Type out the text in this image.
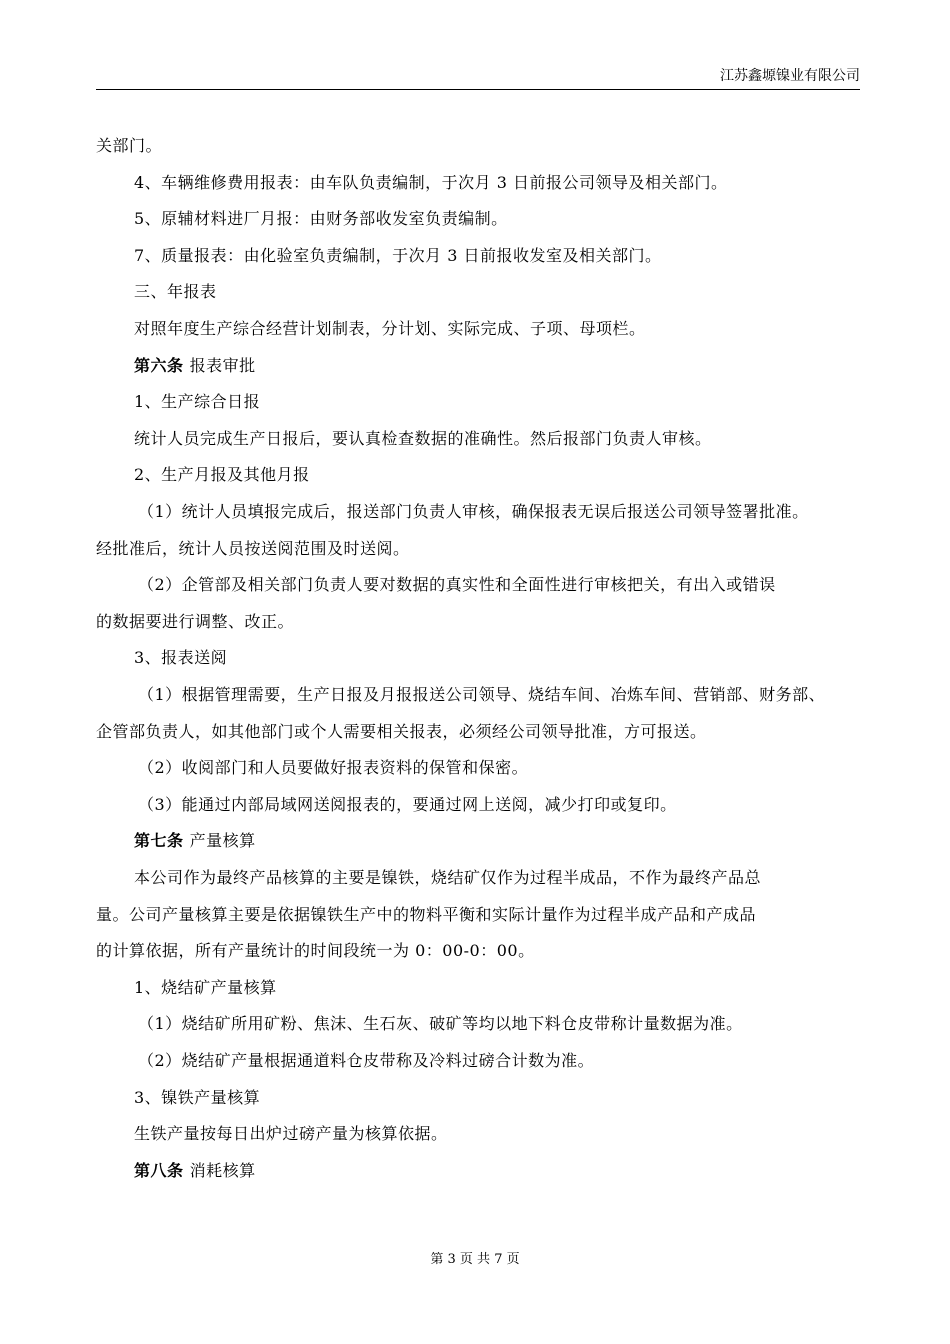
江苏鑫塬镍业有限公司
关部门。
4、车辆维修费用报表：由车队负责编制，于次月 3 日前报公司领导及相关部门。
5、原辅材料进厂月报：由财务部收发室负责编制。
7、质量报表：由化验室负责编制，于次月 3 日前报收发室及相关部门。
三、年报表
对照年度生产综合经营计划制表，分计划、实际完成、子项、母项栏。
第六条 报表审批
1、生产综合日报
统计人员完成生产日报后，要认真检查数据的准确性。然后报部门负责人审核。
2、生产月报及其他月报
（1）统计人员填报完成后，报送部门负责人审核，确保报表无误后报送公司领导签署批准。
经批准后，统计人员按送阅范围及时送阅。
（2）企管部及相关部门负责人要对数据的真实性和全面性进行审核把关，有出入或错误
的数据要进行调整、改正。
3、报表送阅
（1）根据管理需要，生产日报及月报报送公司领导、烧结车间、冶炼车间、营销部、财务部、
企管部负责人，如其他部门或个人需要相关报表，必须经公司领导批准，方可报送。
（2）收阅部门和人员要做好报表资料的保管和保密。
（3）能通过内部局域网送阅报表的，要通过网上送阅，减少打印或复印。
第七条 产量核算
本公司作为最终产品核算的主要是镍铁，烧结矿仅作为过程半成品，不作为最终产品总
量。公司产量核算主要是依据镍铁生产中的物料平衡和实际计量作为过程半成产品和产成品
的计算依据，所有产量统计的时间段统一为 0：00-0：00。
1、烧结矿产量核算
（1）烧结矿所用矿粉、焦沫、生石灰、破矿等均以地下料仓皮带称计量数据为准。
（2）烧结矿产量根据通道料仓皮带称及冷料过磅合计数为准。
3、镍铁产量核算
生铁产量按每日出炉过磅产量为核算依据。
第八条 消耗核算
第 3 页 共 7 页
